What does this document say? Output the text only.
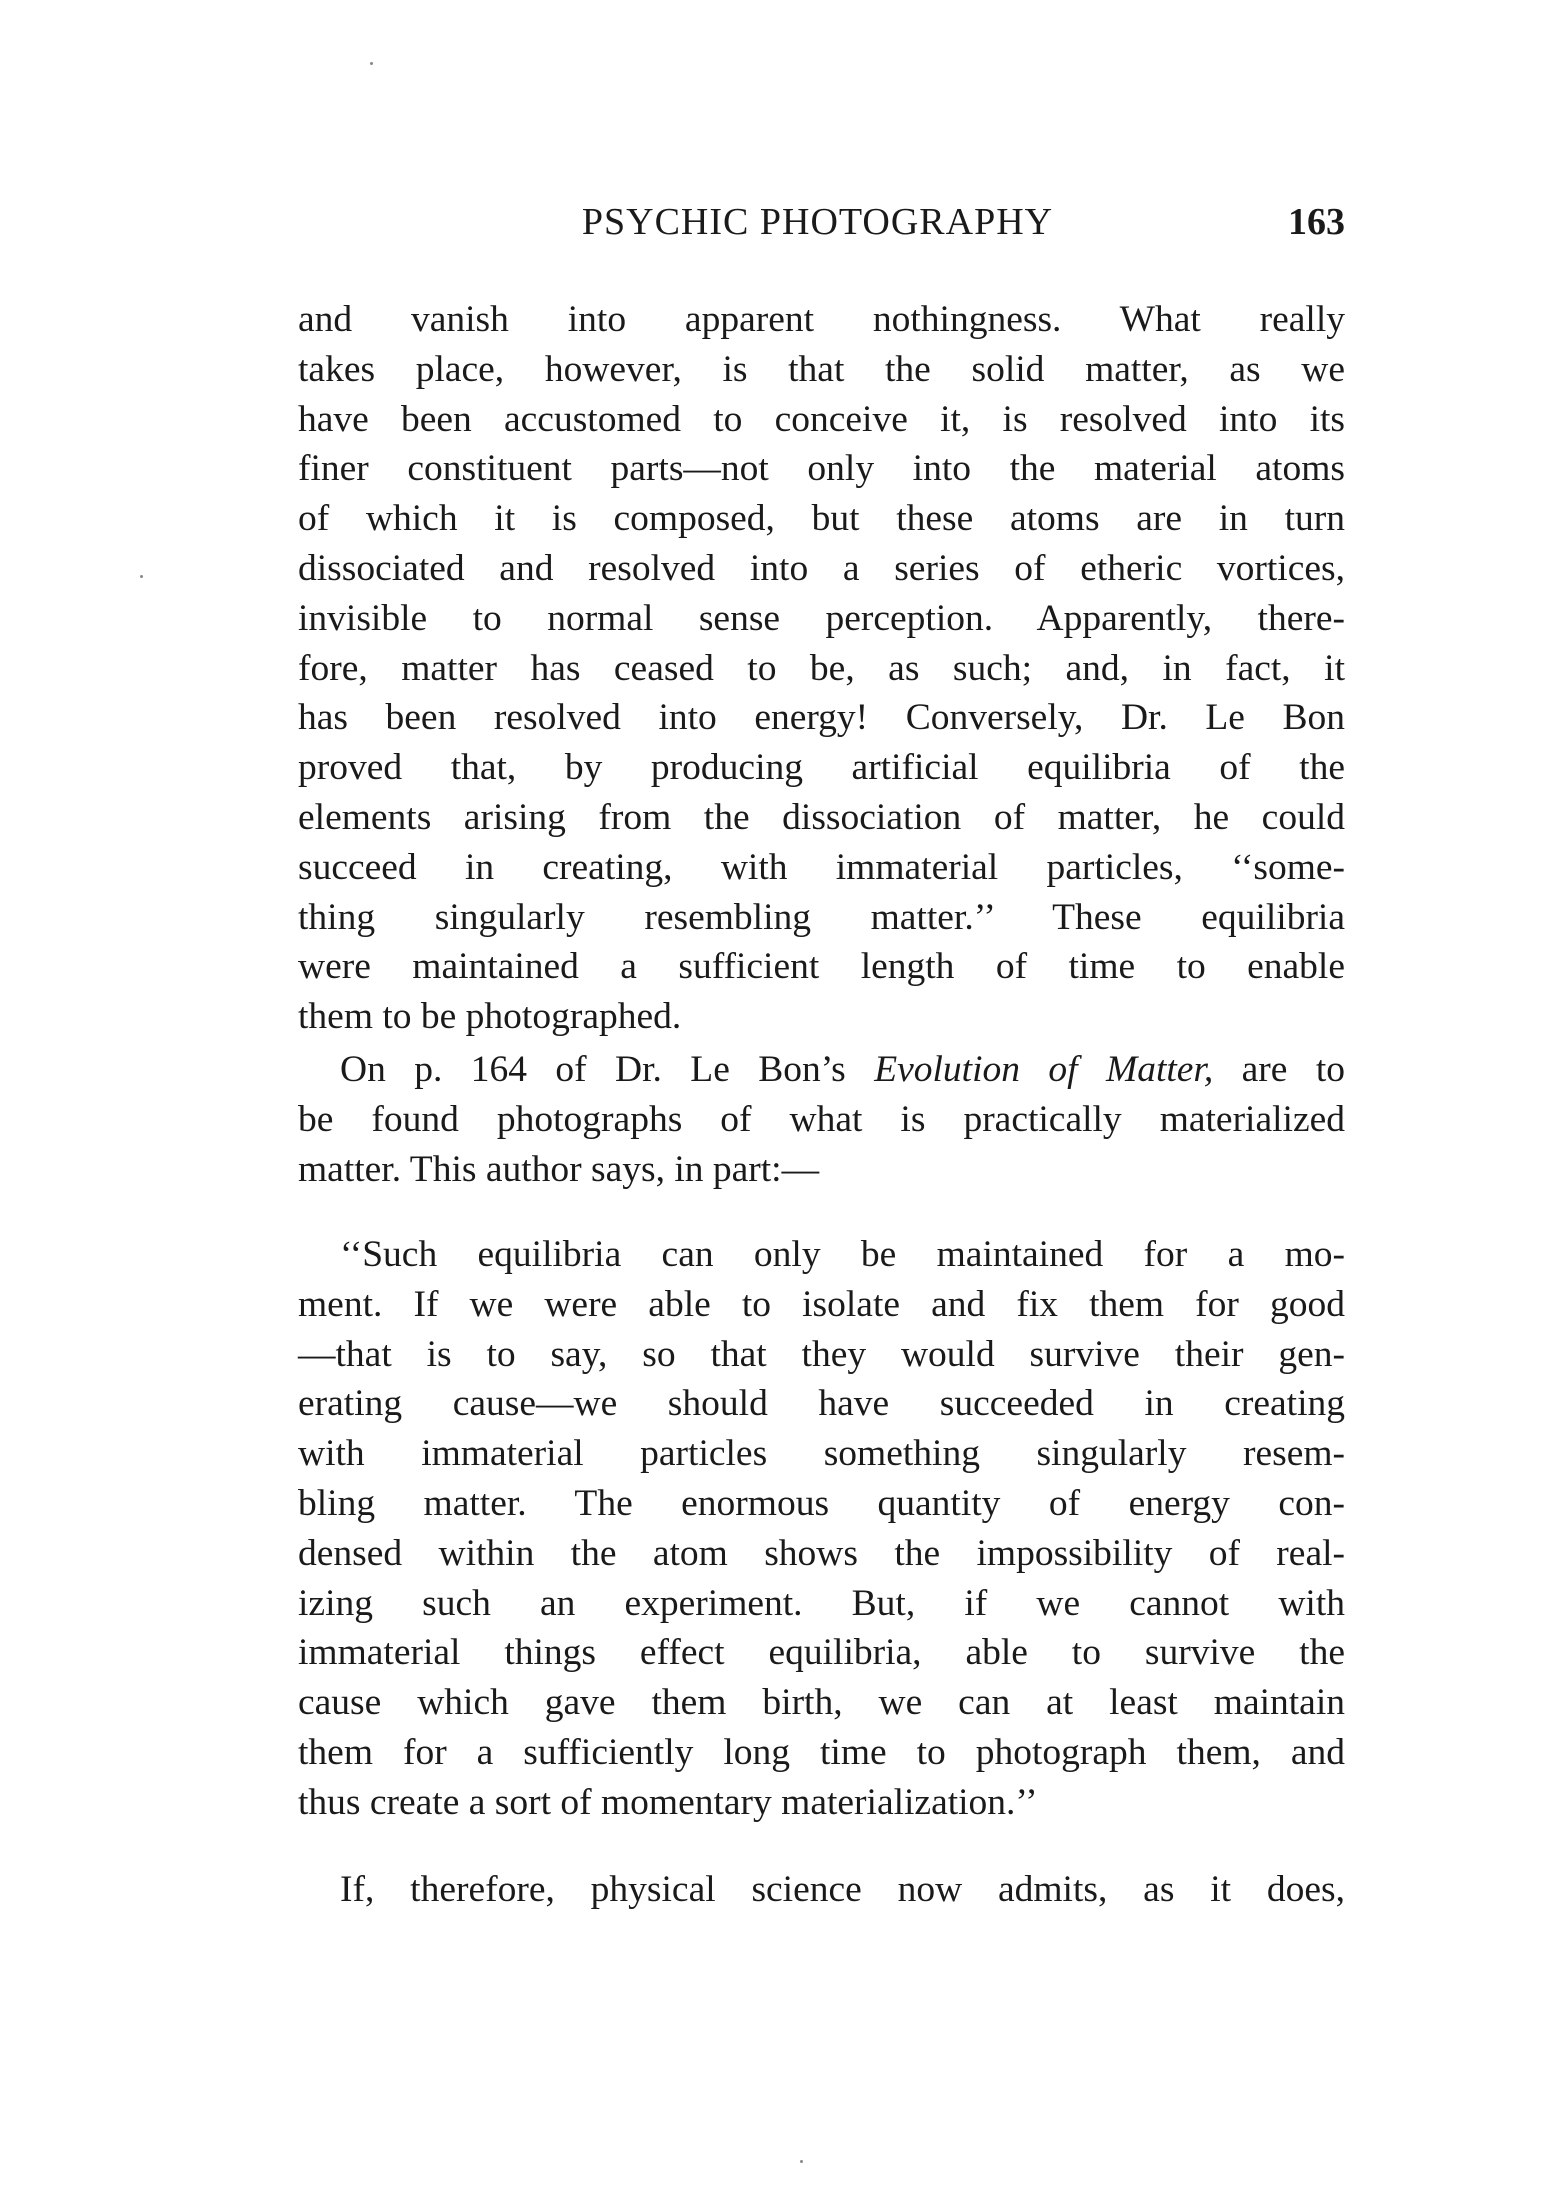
PSYCHIC PHOTOGRAPHY	163
and vanish into apparent nothingness. What really
takes place, however, is that the solid matter, as we
have been accustomed to conceive it, is resolved into its
finer constituent parts—not only into the material atoms
of which it is composed, but these atoms are in turn
dissociated and resolved into a series of etheric vortices,
invisible to normal sense perception. Apparently, there-
fore, matter has ceased to be, as such; and, in fact, it
has been resolved into energy! Conversely, Dr. Le Bon
proved that, by producing artificial equilibria of the
elements arising from the dissociation of matter, he could
succeed in creating, with immaterial particles, ‘‘some-
thing singularly resembling matter.’’ These equilibria
were maintained a sufficient length of time to enable
them to be photographed.
On p. 164 of Dr. Le Bon’s Evolution of Matter, are to
be found photographs of what is practically materialized
matter. This author says, in part:—
‘‘Such equilibria can only be maintained for a mo-
ment. If we were able to isolate and fix them for good
—that is to say, so that they would survive their gen-
erating cause—we should have succeeded in creating
with immaterial particles something singularly resem-
bling matter. The enormous quantity of energy con-
densed within the atom shows the impossibility of real-
izing such an experiment. But, if we cannot with
immaterial things effect equilibria, able to survive the
cause which gave them birth, we can at least maintain
them for a sufficiently long time to photograph them, and
thus create a sort of momentary materialization.’’
If, therefore, physical science now admits, as it does,
